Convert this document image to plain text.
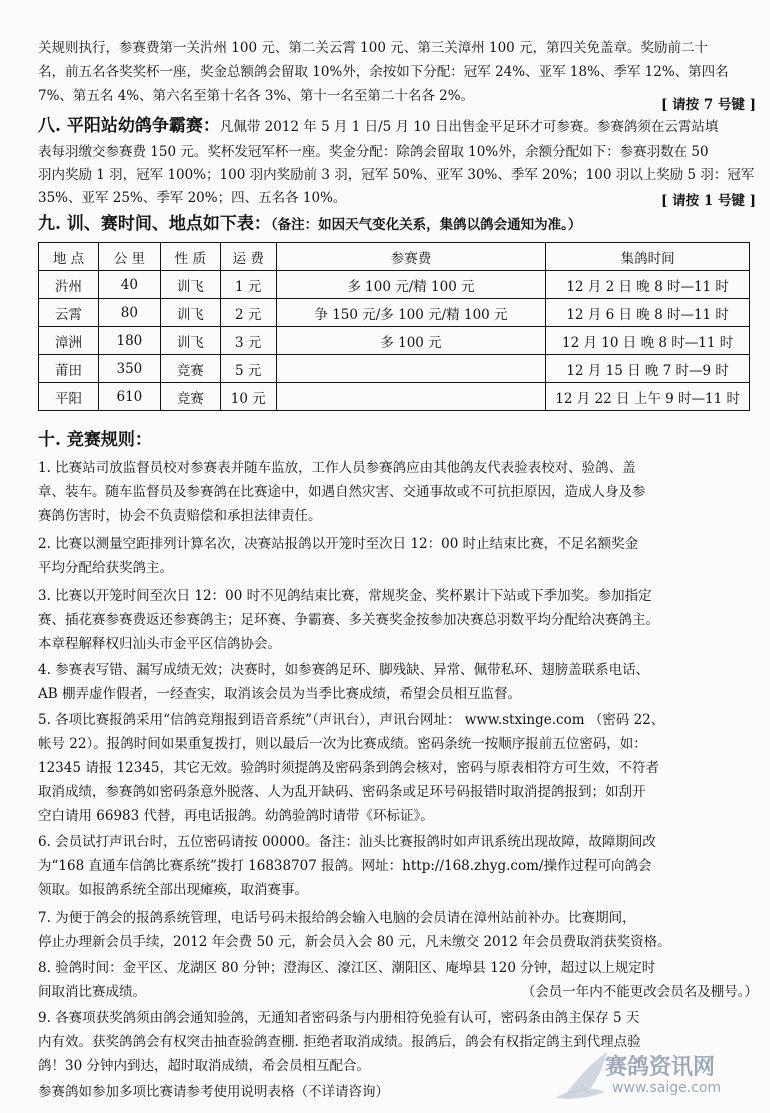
关规则执行，参赛费第一关沜州 100 元、第二关云霄 100 元、第三关漳州 100 元，第四关免盖章。奖励前二十
名，前五名各奖奖杯一座，奖金总额鸽会留取 10%外，余按如下分配：冠军 24%、亚军 18%、季军 12%、第四名
7%、第五名 4%、第六名至第十名各 3%、第十一名至第二十名各 2%。
[ 请按 7 号键 ]
八. 平阳站幼鸽争霸赛：凡佩带 2012 年 5 月 1 日/5 月 10 日出售金平足环才可参赛。参赛鸽须在云霄站填
表每羽缴交参赛费 150 元。奖杯发冠军杯一座。奖金分配：除鸽会留取 10%外，余额分配如下：参赛羽数在 50
羽内奖励 1 羽，冠军 100%；100 羽内奖励前 3 羽，冠军 50%、亚军 30%、季军 20%；100 羽以上奖励 5 羽：冠军
35%、亚军 25%、季军 20%；四、五名各 10%。	[ 请按 1 号键 ]
九. 训、赛时间、地点如下表：（备注：如因天气变化关系，集鸽以鸽会通知为准。）
地 点	公 里	性 质	运 费	参赛费	集鸽时间
沜州	40	训飞	1 元	多 100 元/精 100 元	12 月 2 日 晚 8 时—11 时
云霄	80	训飞	2 元	争 150 元/多 100 元/精 100 元	12 月 6 日 晚 8 时—11 时
漳洲	180	训飞	3 元	多 100 元	12 月 10 日 晚 8 时—11 时
莆田	350	竞赛	5 元		12 月 15 日 晚 7 时—9 时
平阳	610	竞赛	10 元		12 月 22 日 上午 9 时—11 时
十. 竞赛规则：
1. 比赛站司放监督员校对参赛表并随车监放，工作人员参赛鸽应由其他鸽友代表验表校对、验鸽、盖
章、装车。随车监督员及参赛鸽在比赛途中，如遇自然灾害、交通事故或不可抗拒原因，造成人身及参
赛鸽伤害时，协会不负责赔偿和承担法律责任。
2. 比赛以测量空距排列计算名次，决赛站报鸽以开笼时至次日 12：00 时止结束比赛，不足名额奖金
平均分配给获奖鸽主。
3. 比赛以开笼时间至次日 12：00 时不见鸽结束比赛，常规奖金、奖杯累计下站或下季加奖。参加指定
赛、插花赛参赛费返还参赛鸽主；足环赛、争霸赛、多关赛奖金按参加决赛总羽数平均分配给决赛鸽主。
本章程解释权归汕头市金平区信鸽协会。
4. 参赛表写错、漏写成绩无效；决赛时，如参赛鸽足环、脚残缺、异常、佩带私环、翅膀盖联系电话、
AB 棚弄虚作假者，一经查实，取消该会员为当季比赛成绩，希望会员相互监督。
5. 各项比赛报鸽采用“信鸽竞翔报到语音系统”（声讯台），声讯台网址： www.stxinge.com （密码 22、
帐号 22）。报鸽时间如果重复拨打，则以最后一次为比赛成绩。密码条统一按顺序报前五位密码，如：
12345 请报 12345，其它无效。验鸽时须提鸽及密码条到鸽会核对，密码与原表相符方可生效，不符者
取消成绩，参赛鸽如密码条意外脱落、人为乱开缺码、密码条或足环号码报错时取消提鸽报到；如刮开
空白请用 66983 代替，再电话报鸽。幼鸽验鸽时请带《环标证》。
6. 会员试打声讯台时，五位密码请按 00000。备注：汕头比赛报鸽时如声讯系统出现故障，故障期间改
为“168 直通车信鸽比赛系统”拨打 16838707 报鸽。网址：http://168.zhyg.com/操作过程可向鸽会
领取。如报鸽系统全部出现瘫痪，取消赛事。
7. 为便于鸽会的报鸽系统管理，电话号码未报给鸽会输入电脑的会员请在漳州站前补办。比赛期间，
停止办理新会员手续，2012 年会费 50 元，新会员入会 80 元，凡未缴交 2012 年会员费取消获奖资格。
8. 验鸽时间：金平区、龙湖区 80 分钟；澄海区、濠江区、潮阳区、庵埠县 120 分钟，超过以上规定时
间取消比赛成绩。	（会员一年内不能更改会员名及棚号。）
9. 各赛项获奖鸽须由鸽会通知验鸽，无通知者密码条与内册相符免验有认可，密码条由鸽主保存 5 天
内有效。获奖鸽鸽会有权突击抽查验鸽查棚. 拒绝者取消成绩。报鸽后，鸽会有权指定鸽主到代理点验
鸽！30 分钟内到达，超时取消成绩，希会员相互配合。
参赛鸽如参加多项比赛请参考使用说明表格（不详请咨询）
赛鸽资讯网
www.saige.com
